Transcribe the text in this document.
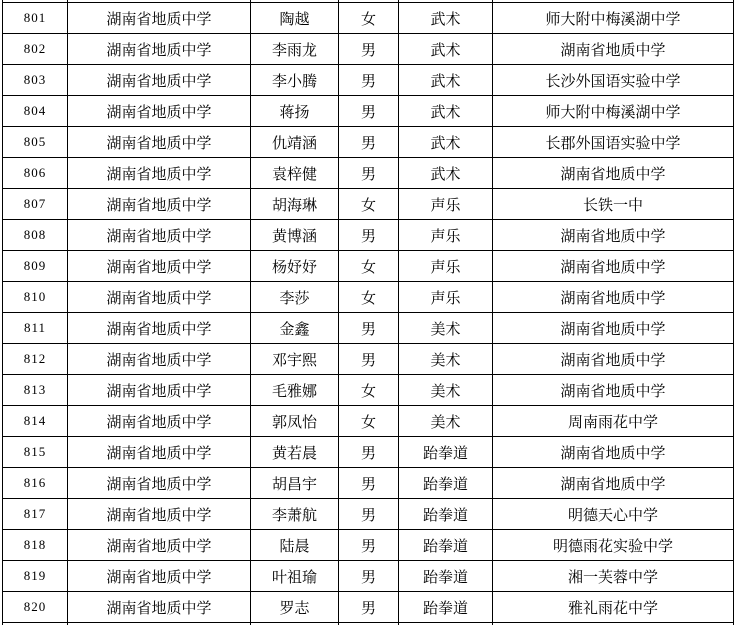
801	湖南省地质中学	陶越	女	武术	师大附中梅溪湖中学
802	湖南省地质中学	李雨龙	男	武术	湖南省地质中学
803	湖南省地质中学	李小腾	男	武术	长沙外国语实验中学
804	湖南省地质中学	蒋扬	男	武术	师大附中梅溪湖中学
805	湖南省地质中学	仇靖涵	男	武术	长郡外国语实验中学
806	湖南省地质中学	袁梓健	男	武术	湖南省地质中学
807	湖南省地质中学	胡海琳	女	声乐	长铁一中
808	湖南省地质中学	黄博涵	男	声乐	湖南省地质中学
809	湖南省地质中学	杨妤妤	女	声乐	湖南省地质中学
810	湖南省地质中学	李莎	女	声乐	湖南省地质中学
811	湖南省地质中学	金鑫	男	美术	湖南省地质中学
812	湖南省地质中学	邓宇熙	男	美术	湖南省地质中学
813	湖南省地质中学	毛雅娜	女	美术	湖南省地质中学
814	湖南省地质中学	郭凤怡	女	美术	周南雨花中学
815	湖南省地质中学	黄若晨	男	跆拳道	湖南省地质中学
816	湖南省地质中学	胡昌宇	男	跆拳道	湖南省地质中学
817	湖南省地质中学	李萧航	男	跆拳道	明德天心中学
818	湖南省地质中学	陆晨	男	跆拳道	明德雨花实验中学
819	湖南省地质中学	叶祖瑜	男	跆拳道	湘一芙蓉中学
820	湖南省地质中学	罗志	男	跆拳道	雅礼雨花中学
